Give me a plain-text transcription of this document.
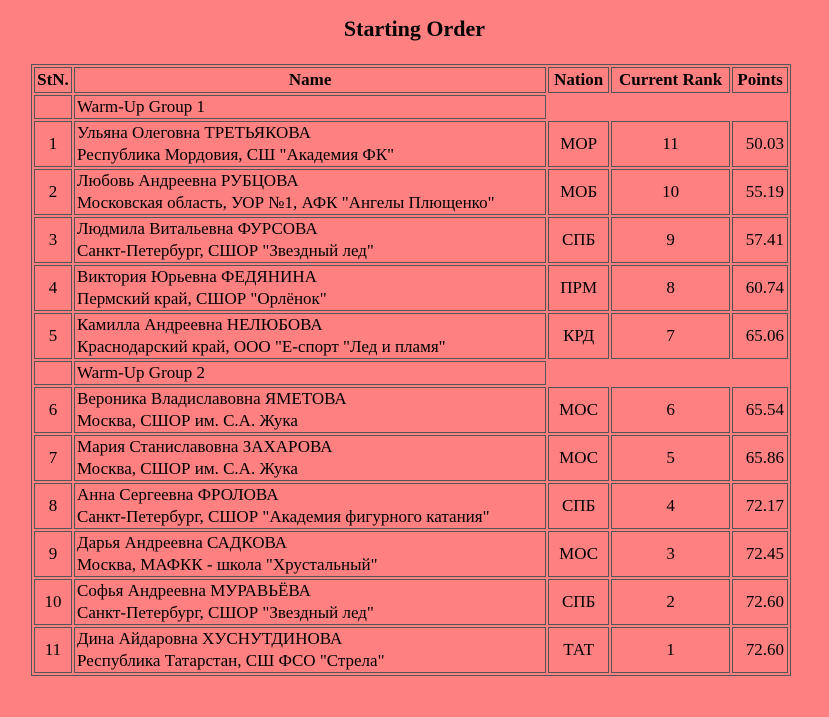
Starting Order
StN.	Name	Nation	Current Rank	Points
	Warm-Up Group 1			
1	Ульяна Олеговна ТРЕТЬЯКОВА
Республика Мордовия, СШ "Академия ФК"	МОР	11	50.03
2	Любовь Андреевна РУБЦОВА
Московская область, УОР №1, АФК "Ангелы Плющенко"	МОБ	10	55.19
3	Людмила Витальевна ФУРСОВА
Санкт-Петербург, СШОР "Звездный лед"	СПБ	9	57.41
4	Виктория Юрьевна ФЕДЯНИНА
Пермский край, СШОР "Орлёнок"	ПРМ	8	60.74
5	Камилла Андреевна НЕЛЮБОВА
Краснодарский край, ООО "Е-спорт "Лед и пламя"	КРД	7	65.06
	Warm-Up Group 2			
6	Вероника Владиславовна ЯМЕТОВА
Москва, СШОР им. С.А. Жука	МОС	6	65.54
7	Мария Станиславовна ЗАХАРОВА
Москва, СШОР им. С.А. Жука	МОС	5	65.86
8	Анна Сергеевна ФРОЛОВА
Санкт-Петербург, СШОР "Академия фигурного катания"	СПБ	4	72.17
9	Дарья Андреевна САДКОВА
Москва, МАФКК - школа "Хрустальный"	МОС	3	72.45
10	Софья Андреевна МУРАВЬЁВА
Санкт-Петербург, СШОР "Звездный лед"	СПБ	2	72.60
11	Дина Айдаровна ХУСНУТДИНОВА
Республика Татарстан, СШ ФСО "Стрела"	ТАТ	1	72.60
